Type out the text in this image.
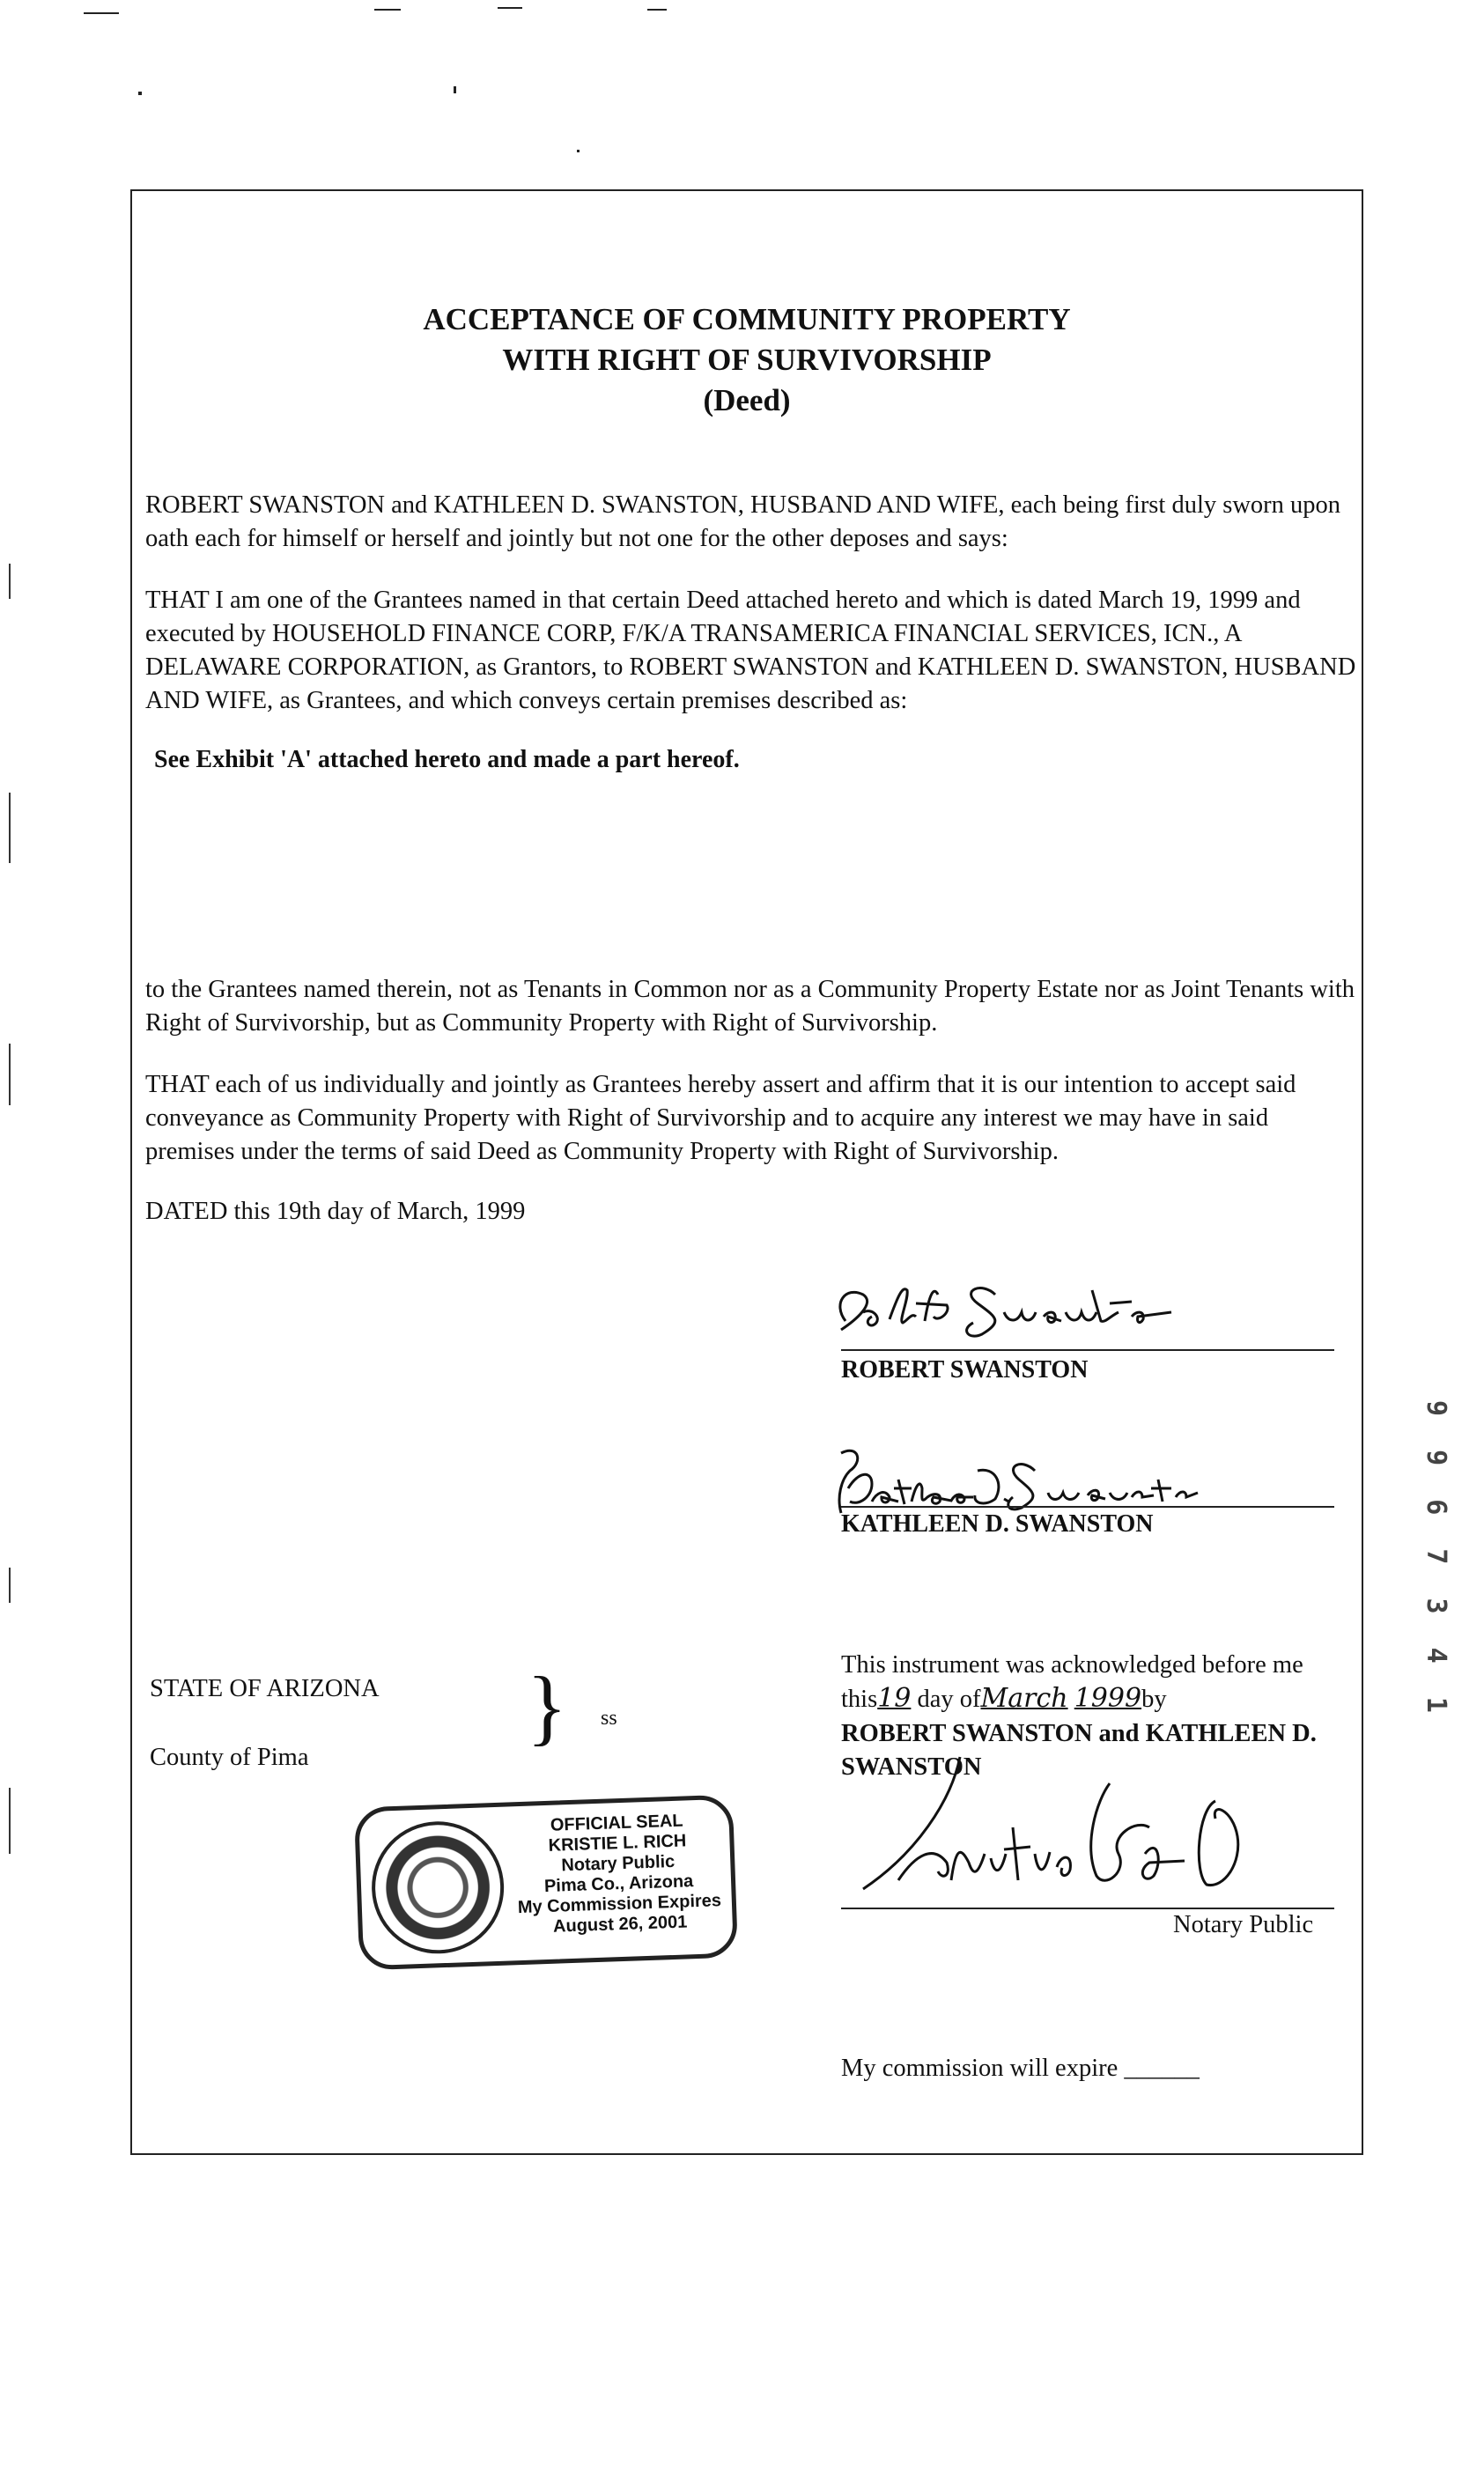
ACCEPTANCE OF COMMUNITY PROPERTY
WITH RIGHT OF SURVIVORSHIP
(Deed)

ROBERT SWANSTON and KATHLEEN D. SWANSTON, HUSBAND AND WIFE, each being first duly sworn upon oath each for himself or herself and jointly but not one for the other deposes and says:

THAT I am one of the Grantees named in that certain Deed attached hereto and which is dated March 19, 1999 and executed by HOUSEHOLD FINANCE CORP, F/K/A TRANSAMERICA FINANCIAL SERVICES, ICN., A DELAWARE CORPORATION, as Grantors, to ROBERT SWANSTON and KATHLEEN D. SWANSTON, HUSBAND AND WIFE, as Grantees, and which conveys certain premises described as:

See Exhibit 'A' attached hereto and made a part hereof.

to the Grantees named therein, not as Tenants in Common nor as a Community Property Estate nor as Joint Tenants with Right of Survivorship, but as Community Property with Right of Survivorship.

THAT each of us individually and jointly as Grantees hereby assert and affirm that it is our intention to accept said conveyance as Community Property with Right of Survivorship and to acquire any interest we may have in said premises under the terms of said Deed as Community Property with Right of Survivorship.

DATED this 19th day of March, 1999
ROBERT SWANSTON
KATHLEEN D. SWANSTON
STATE OF ARIZONA
County of Pima
} ss
This instrument was acknowledged before me
this19 day ofMarch 1999by
ROBERT SWANSTON and KATHLEEN D.
SWANSTON
Notary Public
My commission will expire ______
OFFICIAL SEAL
KRISTIE L. RICH
Notary Public
Pima Co., Arizona
My Commission Expires
August 26, 2001
9 9 6 7 3 4 1
